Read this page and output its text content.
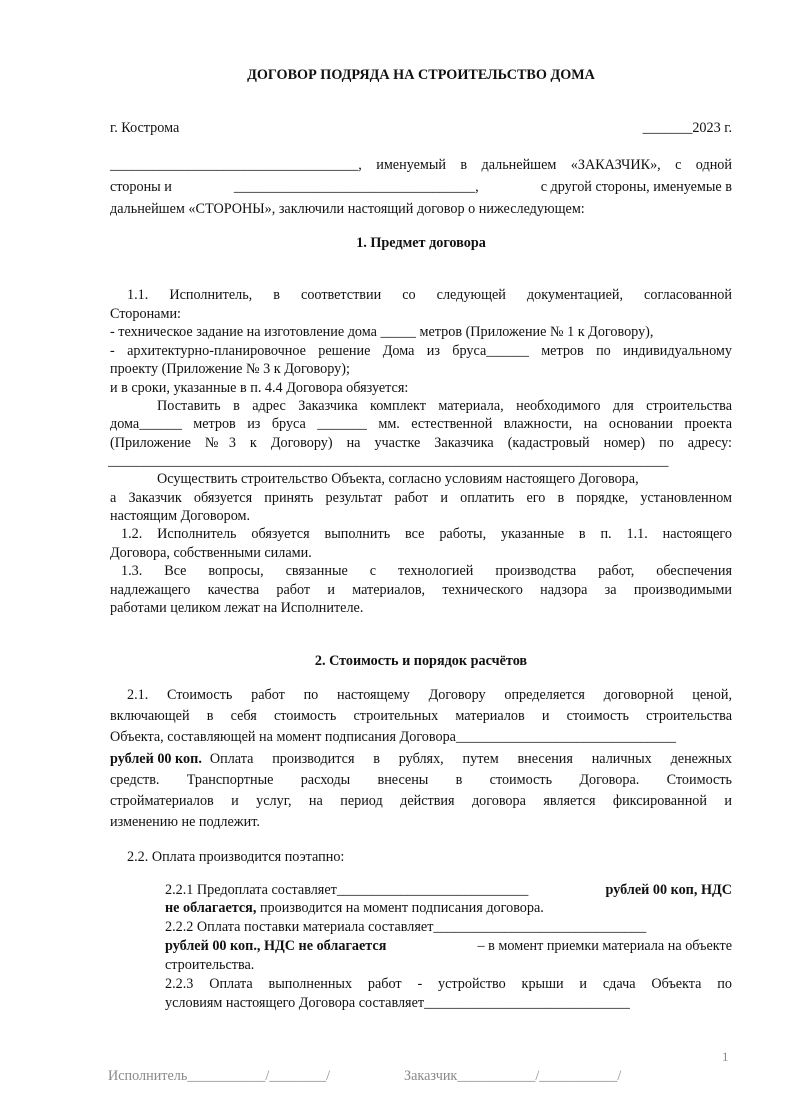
ДОГОВОР ПОДРЯДА НА СТРОИТЕЛЬСТВО ДОМА
г. Кострома	_______2023 г.
___________________________________, именуемый в дальнейшем «ЗАКАЗЧИК», с одной
стороны и	__________________________________,	с другой стороны, именуемые в
дальнейшем «СТОРОНЫ», заключили настоящий договор о нижеследующем:
1. Предмет договора
1.1. Исполнитель, в соответствии со следующей документацией, согласованной
Сторонами:
- техническое задание на изготовление дома _____ метров (Приложение № 1 к Договору),
- архитектурно-планировочное решение Дома из бруса______ метров по индивидуальному
проекту (Приложение № 3 к Договору);
и в сроки, указанные в п. 4.4 Договора обязуется:
Поставить в адрес Заказчика комплект материала, необходимого для строительства
дома______ метров из бруса _______ мм. естественной влажности, на основании проекта
(Приложение №3 к Договору) на участке Заказчика (кадастровый номер) по адресу:
_______________________________________________________________________________
Осуществить строительство Объекта, согласно условиям настоящего Договора,
а Заказчик обязуется принять результат работ и оплатить его в порядке, установленном
настоящим Договором.
1.2. Исполнитель обязуется выполнить все работы, указанные в п. 1.1. настоящего
Договора, собственными силами.
1.3. Все вопросы, связанные с технологией производства работ, обеспечения
надлежащего качества работ и материалов, технического надзора за производимыми
работами целиком лежат на Исполнителе.
2. Стоимость и порядок расчётов
2.1. Стоимость работ по настоящему Договору определяется договорной ценой,
включающей в себя стоимость строительных материалов и стоимость строительства
Объекта, составляющей на момент подписания Договора_______________________________
рублей 00 коп. Оплата производится в рублях, путем внесения наличных денежных
средств. Транспортные расходы внесены в стоимость Договора. Стоимость
стройматериалов и услуг, на период действия договора является фиксированной и
изменению не подлежит.
2.2. Оплата производится поэтапно:
2.2.1 Предоплата составляет___________________________	рублей 00 коп, НДС
не облагается, производится на момент подписания договора.
2.2.2 Оплата поставки материала составляет______________________________
рублей 00 коп., НДС не облагается	– в момент приемки материала на объекте
строительства.
2.2.3 Оплата выполненных работ - устройство крыши и сдача Объекта по
условиям настоящего Договора составляет_____________________________
1
Исполнитель___________/________/	Заказчик___________/___________/
